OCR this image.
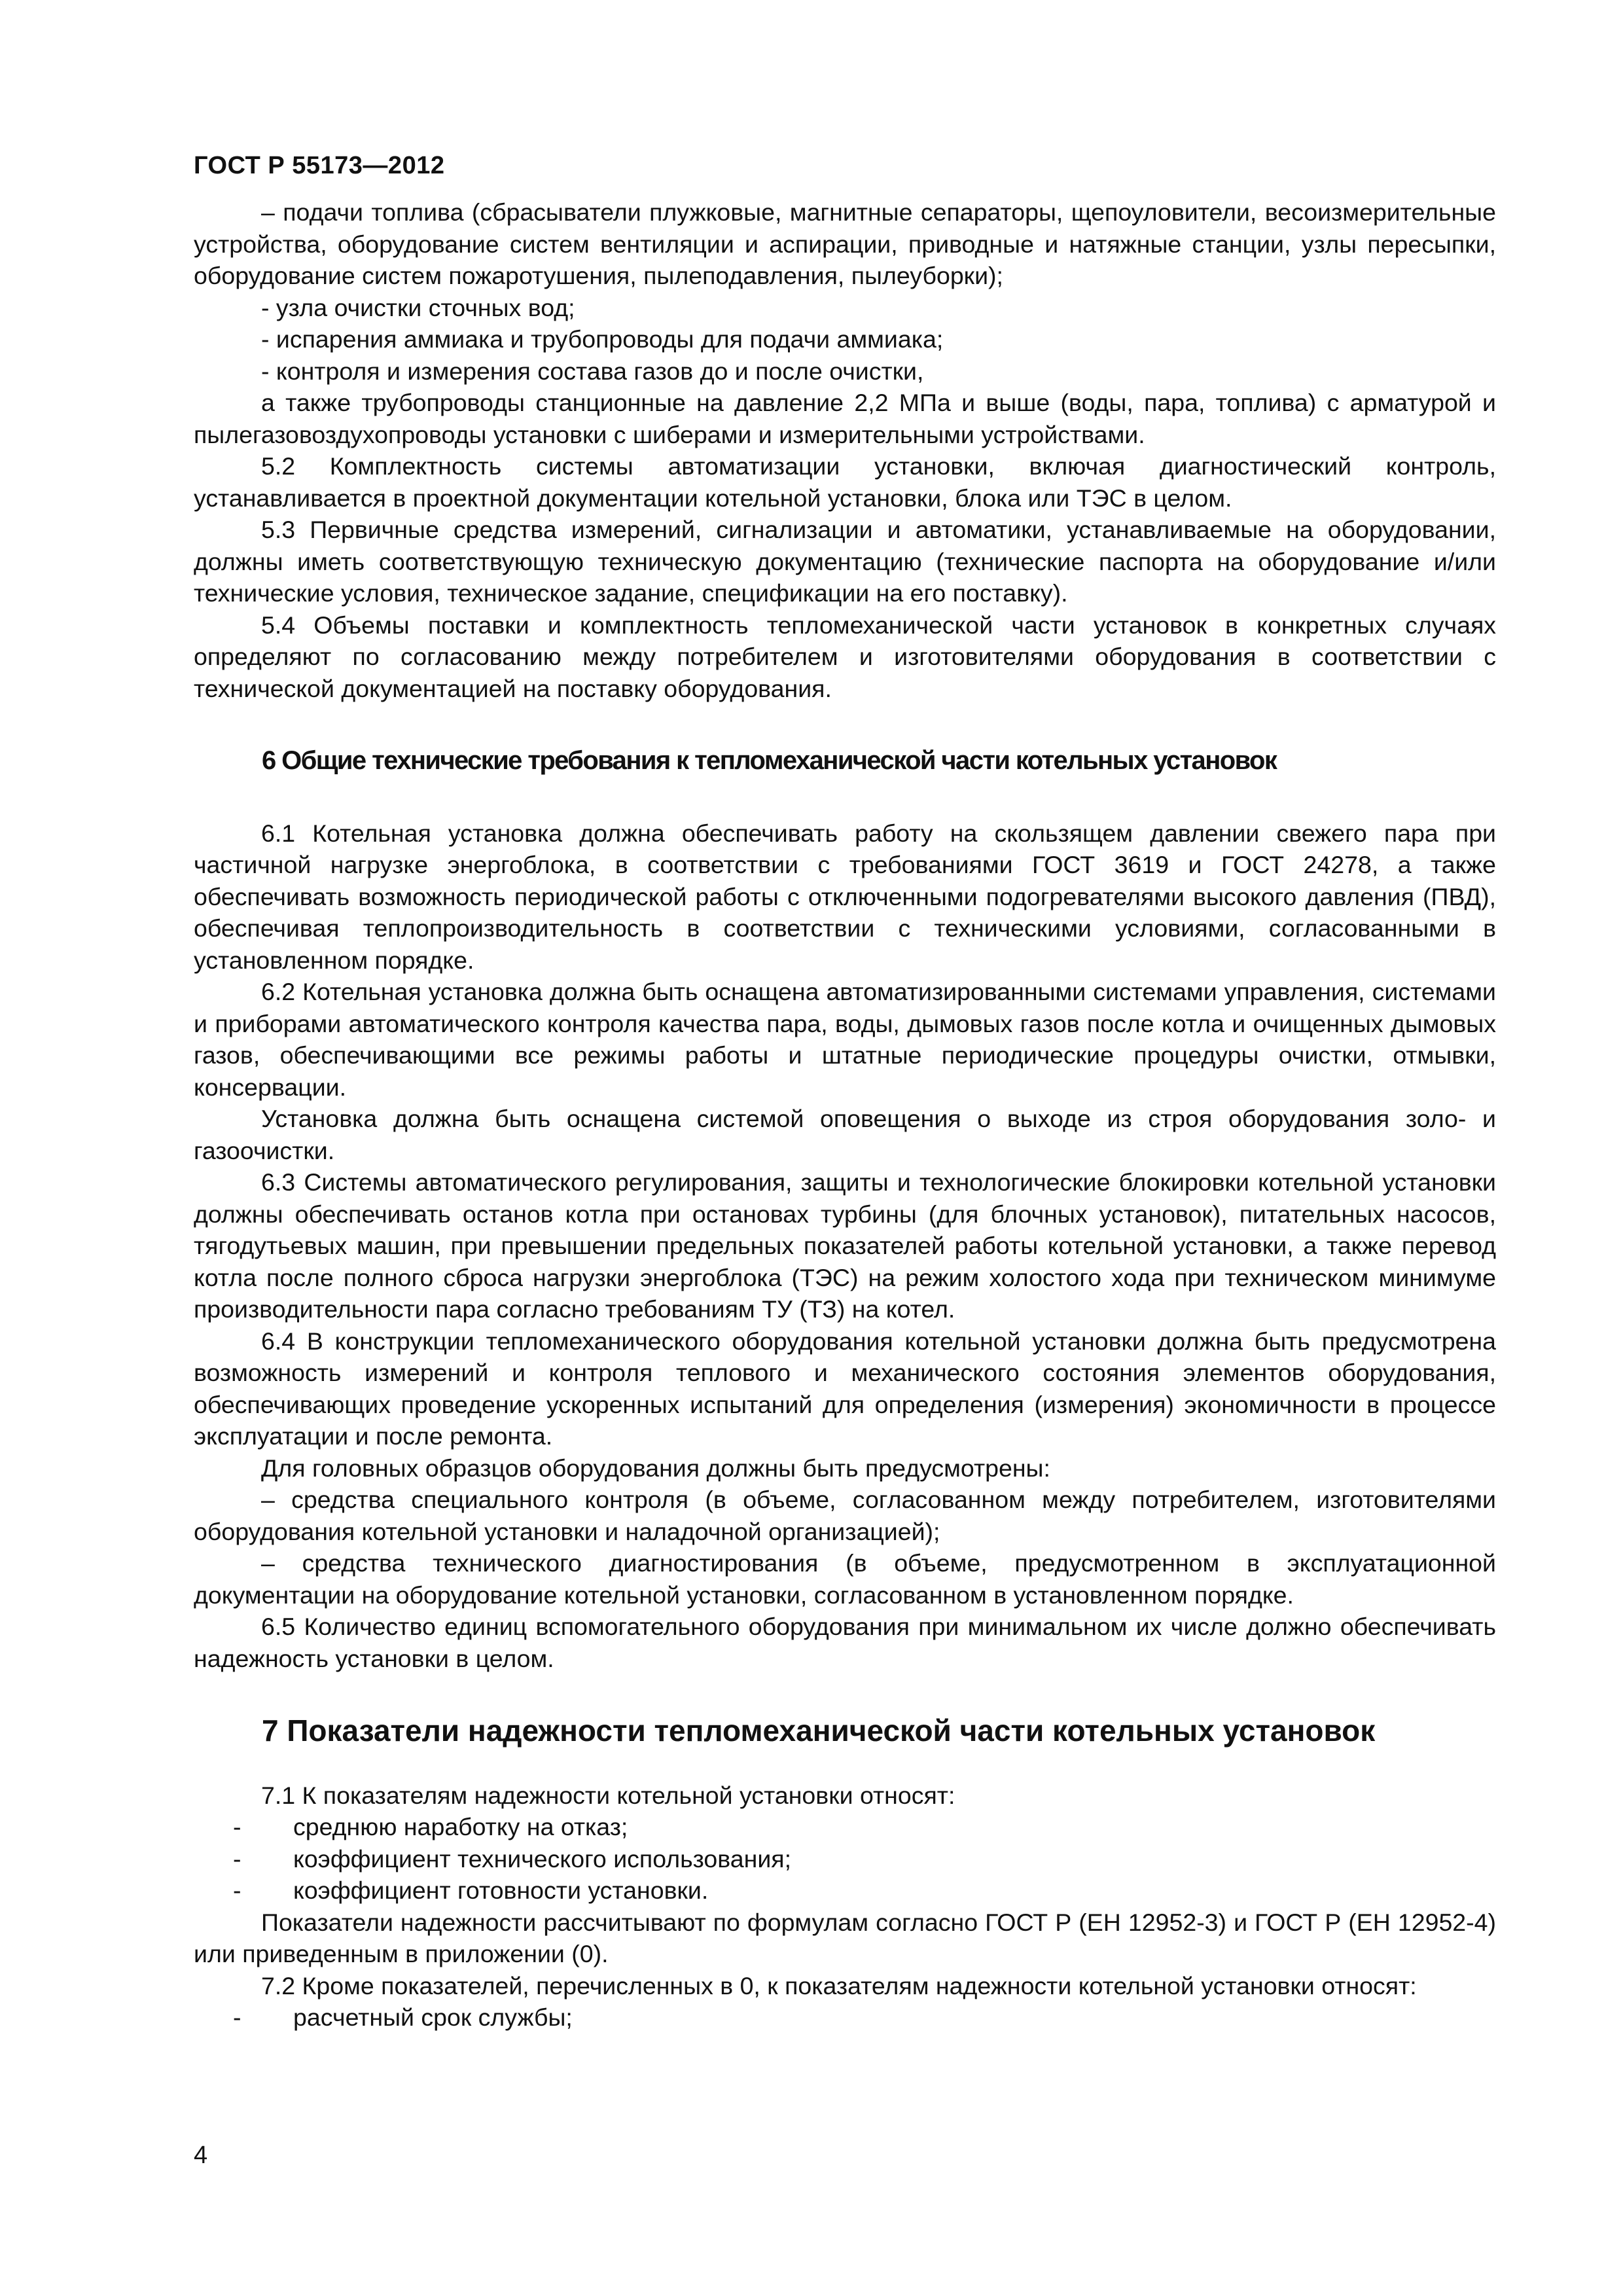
ГОСТ Р 55173—2012

– подачи топлива (сбрасыватели плужковые, магнитные сепараторы, щепоуловители, весоизмерительные устройства, оборудование систем вентиляции и аспирации, приводные и натяжные станции, узлы пересыпки, оборудование систем пожаротушения, пылеподавления, пылеуборки);

- узла очистки сточных вод;

- испарения аммиака и трубопроводы для подачи аммиака;

- контроля и измерения состава газов до и после очистки,

а также трубопроводы станционные на давление 2,2 МПа и выше (воды, пара, топлива) с арматурой и пылегазовоздухопроводы установки с шиберами и измерительными устройствами.

5.2 Комплектность системы автоматизации установки, включая диагностический контроль, устанавливается в проектной документации котельной установки, блока или ТЭС в целом.

5.3 Первичные средства измерений, сигнализации и автоматики, устанавливаемые на оборудовании, должны иметь соответствующую техническую документацию (технические паспорта на оборудование и/или технические условия, техническое задание, спецификации на его поставку).

5.4 Объемы поставки и комплектность тепломеханической части установок в конкретных случаях определяют по согласованию между потребителем и изготовителями оборудования в соответствии с технической документацией на поставку оборудования.

6 Общие технические требования к тепломеханической части котельных установок

6.1 Котельная установка должна обеспечивать работу на скользящем давлении свежего пара при частичной нагрузке энергоблока, в соответствии с требованиями ГОСТ 3619 и ГОСТ 24278, а также обеспечивать возможность периодической работы с отключенными подогревателями высокого давления (ПВД), обеспечивая теплопроизводительность в соответствии с техническими условиями, согласованными в установленном порядке.

6.2 Котельная установка должна быть оснащена автоматизированными системами управления, системами и приборами автоматического контроля качества пара, воды, дымовых газов после котла и очищенных дымовых газов, обеспечивающими все режимы работы и штатные периодические процедуры очистки, отмывки, консервации.

Установка должна быть оснащена системой оповещения о выходе из строя оборудования золо- и газоочистки.

6.3 Системы автоматического регулирования, защиты и технологические блокировки котельной установки должны обеспечивать останов котла при остановах турбины (для блочных установок), питательных насосов, тягодутьевых машин, при превышении предельных показателей работы котельной установки, а также перевод котла после полного сброса нагрузки энергоблока (ТЭС) на режим холостого хода при техническом минимуме производительности пара согласно требованиям ТУ (ТЗ) на котел.

6.4 В конструкции тепломеханического оборудования котельной установки должна быть предусмотрена возможность измерений и контроля теплового и механического состояния элементов оборудования, обеспечивающих проведение ускоренных испытаний для определения (измерения) экономичности в процессе эксплуатации и после ремонта.

Для головных образцов оборудования должны быть предусмотрены:

– средства специального контроля (в объеме, согласованном между потребителем, изготовителями оборудования котельной установки и наладочной организацией);

– средства технического диагностирования (в объеме, предусмотренном в эксплуатационной документации на оборудование котельной установки, согласованном в установленном порядке.

6.5 Количество единиц вспомогательного оборудования при минимальном их числе должно обеспечивать надежность установки в целом.

7 Показатели надежности тепломеханической части котельных установок

7.1 К показателям надежности котельной установки относят:

-	среднюю наработку на отказ;
-	коэффициент технического использования;
-	коэффициент готовности установки.

Показатели надежности рассчитывают по формулам согласно ГОСТ Р (ЕН 12952-3) и ГОСТ Р (ЕН 12952-4) или приведенным в приложении (0).

7.2 Кроме показателей, перечисленных в 0, к показателям надежности котельной установки относят:

-	расчетный срок службы;
4
